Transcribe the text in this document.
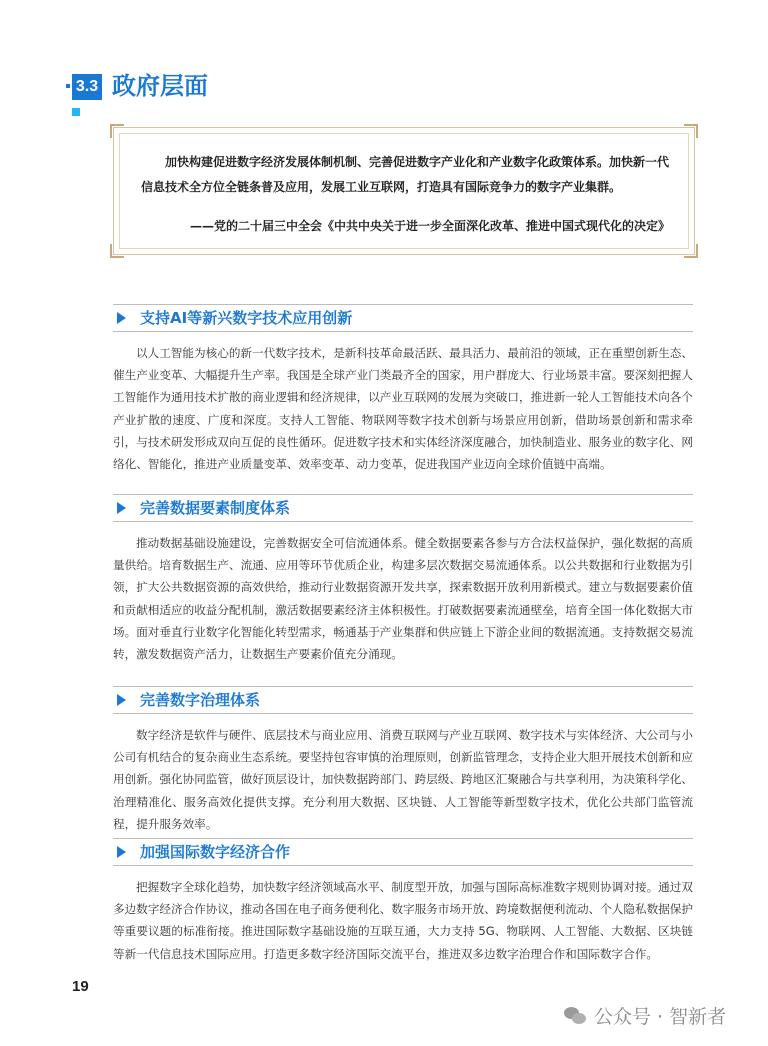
3.3 政府层面
加快构建促进数字经济发展体制机制、完善促进数字产业化和产业数字化政策体系。加快新一代信息技术全方位全链条普及应用，发展工业互联网，打造具有国际竞争力的数字产业集群。
——党的二十届三中全会《中共中央关于进一步全面深化改革、推进中国式现代化的决定》
支持AI等新兴数字技术应用创新
以人工智能为核心的新一代数字技术，是新科技革命最活跃、最具活力、最前沿的领域，正在重塑创新生态、催生产业变革、大幅提升生产率。我国是全球产业门类最齐全的国家，用户群庞大、行业场景丰富。要深刻把握人工智能作为通用技术扩散的商业逻辑和经济规律，以产业互联网的发展为突破口，推进新一轮人工智能技术向各个产业扩散的速度、广度和深度。支持人工智能、物联网等数字技术创新与场景应用创新，借助场景创新和需求牵引，与技术研发形成双向互促的良性循环。促进数字技术和实体经济深度融合，加快制造业、服务业的数字化、网络化、智能化，推进产业质量变革、效率变革、动力变革，促进我国产业迈向全球价值链中高端。
完善数据要素制度体系
推动数据基础设施建设，完善数据安全可信流通体系。健全数据要素各参与方合法权益保护，强化数据的高质量供给。培育数据生产、流通、应用等环节优质企业，构建多层次数据交易流通体系。以公共数据和行业数据为引领，扩大公共数据资源的高效供给，推动行业数据资源开发共享，探索数据开放利用新模式。建立与数据要素价值和贡献相适应的收益分配机制，激活数据要素经济主体积极性。打破数据要素流通壁垒，培育全国一体化数据大市场。面对垂直行业数字化智能化转型需求，畅通基于产业集群和供应链上下游企业间的数据流通。支持数据交易流转，激发数据资产活力，让数据生产要素价值充分涌现。
完善数字治理体系
数字经济是软件与硬件、底层技术与商业应用、消费互联网与产业互联网、数字技术与实体经济、大公司与小公司有机结合的复杂商业生态系统。要坚持包容审慎的治理原则，创新监管理念，支持企业大胆开展技术创新和应用创新。强化协同监管，做好顶层设计，加快数据跨部门、跨层级、跨地区汇聚融合与共享利用，为决策科学化、治理精准化、服务高效化提供支撑。充分利用大数据、区块链、人工智能等新型数字技术，优化公共部门监管流程，提升服务效率。
加强国际数字经济合作
把握数字全球化趋势，加快数字经济领域高水平、制度型开放，加强与国际高标准数字规则协调对接。通过双多边数字经济合作协议，推动各国在电子商务便利化、数字服务市场开放、跨境数据便利流动、个人隐私数据保护等重要议题的标准衔接。推进国际数字基础设施的互联互通，大力支持 5G、物联网、人工智能、大数据、区块链等新一代信息技术国际应用。打造更多数字经济国际交流平台，推进双多边数字治理合作和国际数字合作。
19
公众号 · 智新者
